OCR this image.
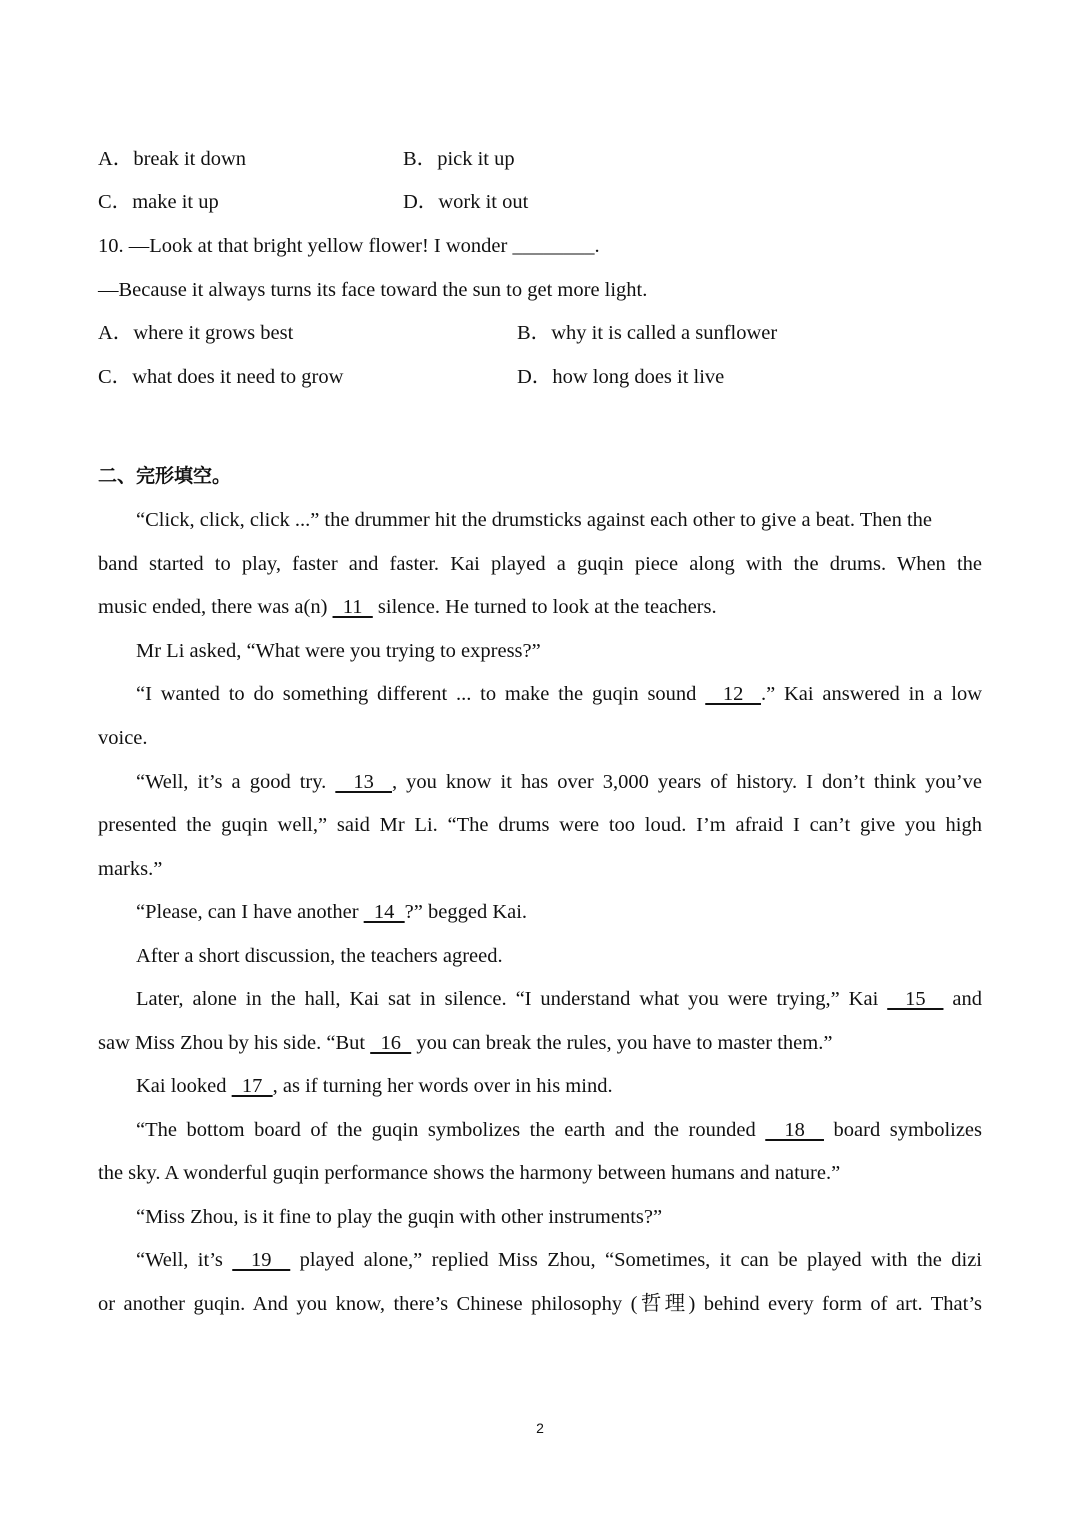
A．break it down	B．pick it up
C．make it up	D．work it out
10. —Look at that bright yellow flower! I wonder ________.
—Because it always turns its face toward the sun to get more light.
A．where it grows best	B．why it is called a sunflower
C．what does it need to grow	D．how long does it live
二、完形填空。
“Click, click, click ...” the drummer hit the drumsticks against each other to give a beat. Then the
band started to play, faster and faster. Kai played a guqin piece along with the drums. When the
music ended, there was a(n)   11   silence. He turned to look at the teachers.
Mr Li asked, “What were you trying to express?”
“I wanted to do something different ... to make the guqin sound   12  .” Kai answered in a low
voice.
“Well, it’s a good try.   13  , you know it has over 3,000 years of history. I don’t think you’ve
presented the guqin well,” said Mr Li. “The drums were too loud. I’m afraid I can’t give you high
marks.”
“Please, can I have another   14  ?” begged Kai.
After a short discussion, the teachers agreed.
Later, alone in the hall, Kai sat in silence. “I understand what you were trying,” Kai   15   and
saw Miss Zhou by his side. “But   16   you can break the rules, you have to master them.”
Kai looked   17  , as if turning her words over in his mind.
“The bottom board of the guqin symbolizes the earth and the rounded   18   board symbolizes
the sky. A wonderful guqin performance shows the harmony between humans and nature.”
“Miss Zhou, is it fine to play the guqin with other instruments?”
“Well, it’s   19   played alone,” replied Miss Zhou, “Sometimes, it can be played with the dizi
or another guqin. And you know, there’s Chinese philosophy (哲理) behind every form of art. That’s
2
